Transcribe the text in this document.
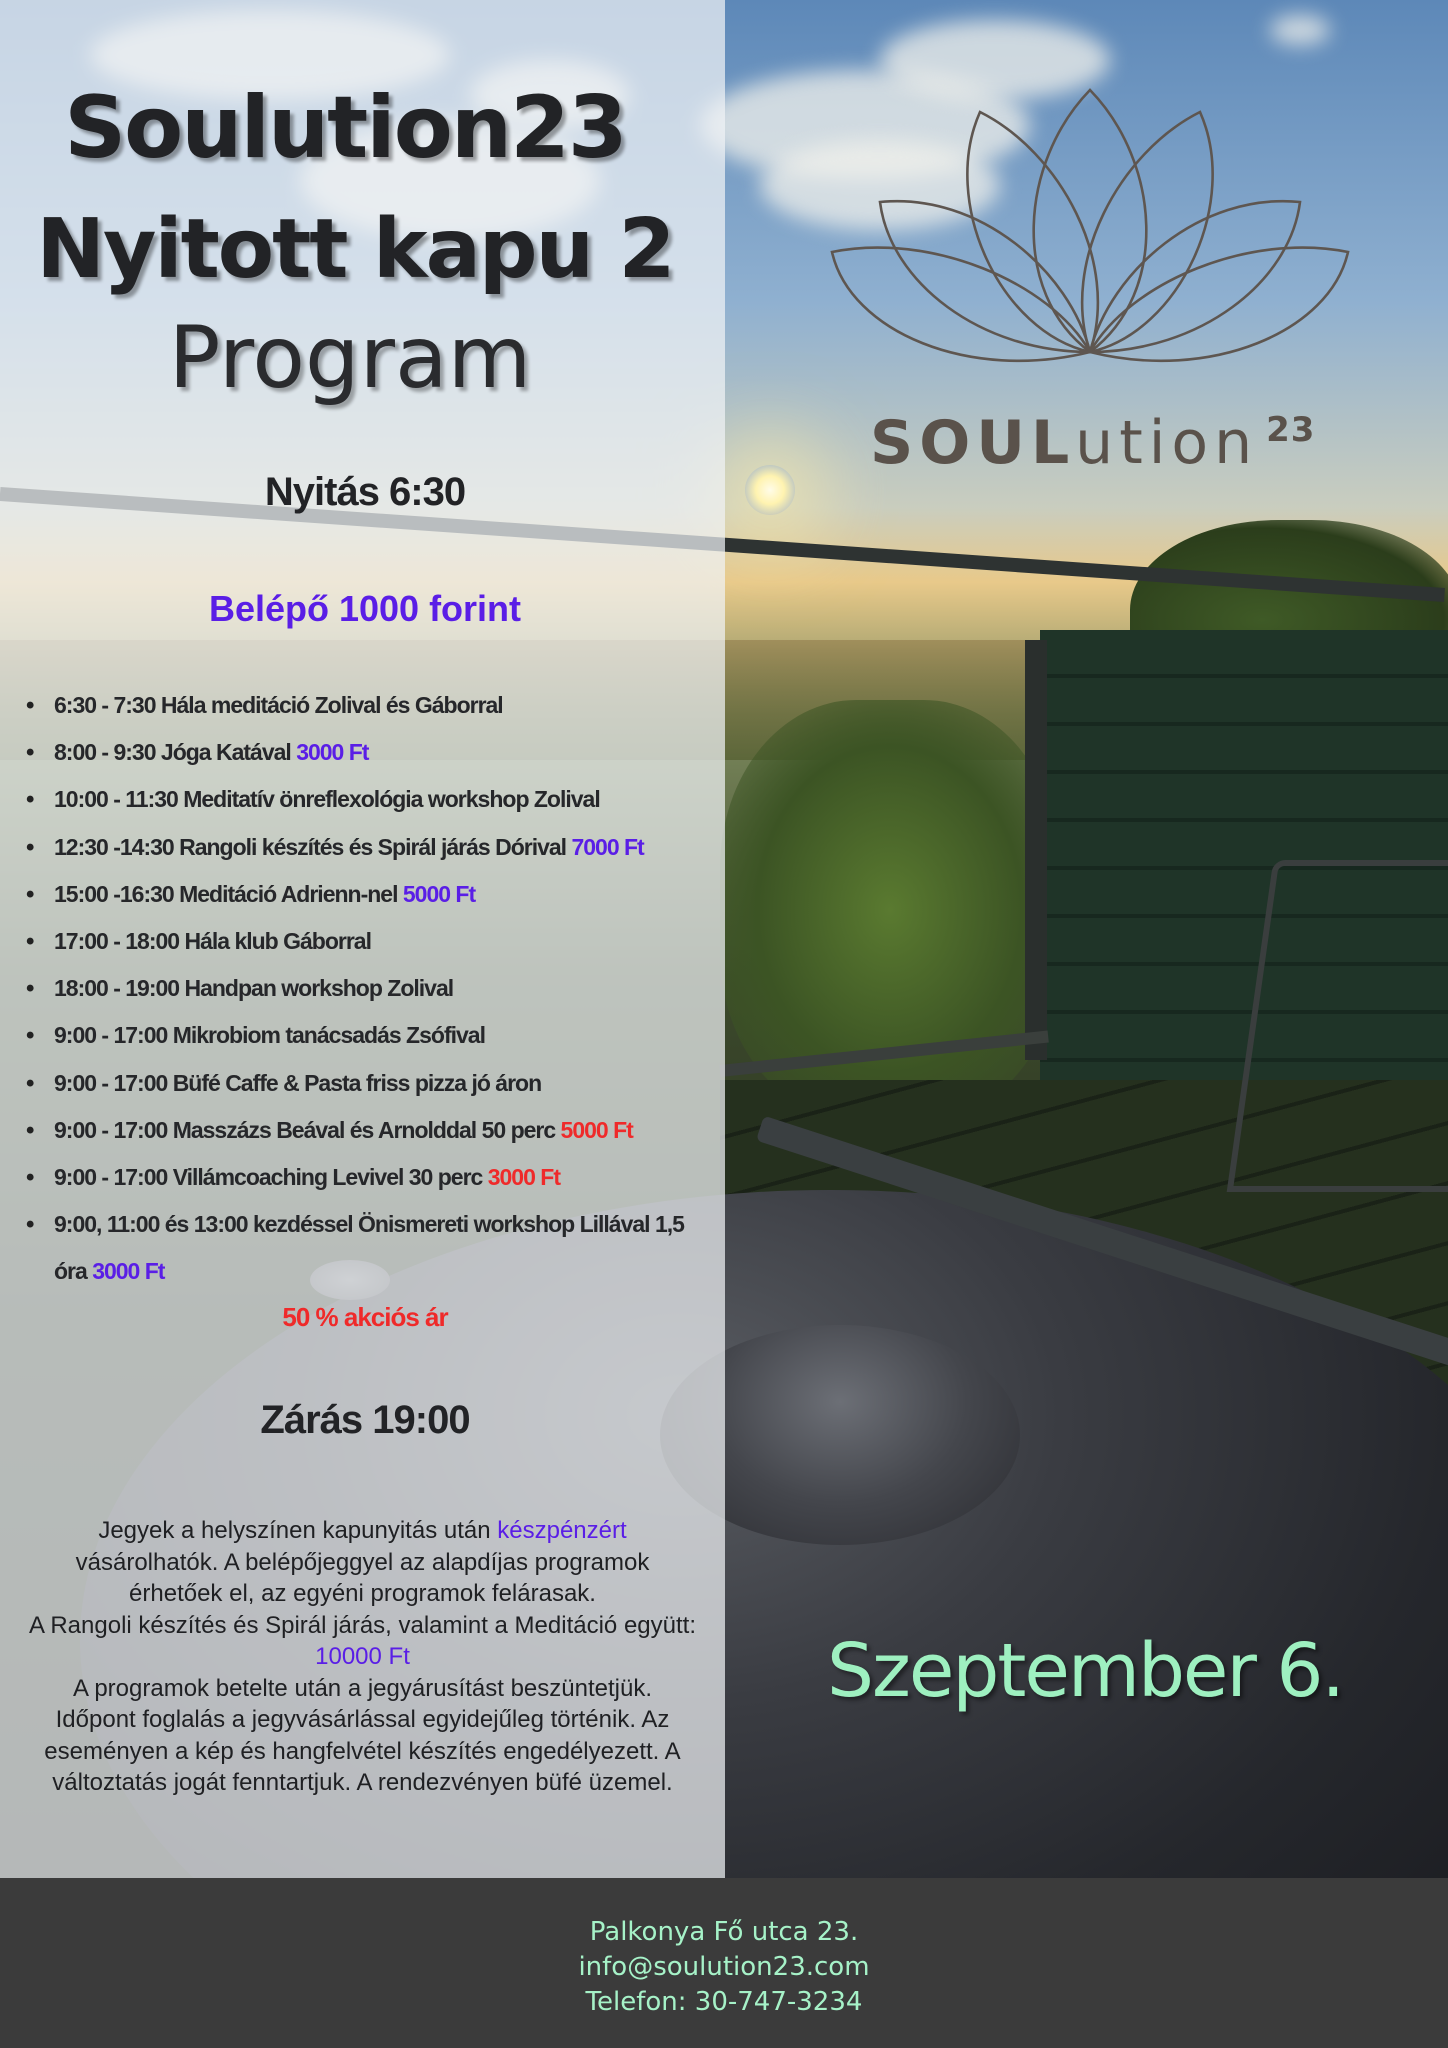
Soulution23
Nyitott kapu 2
Program
Nyitás 6:30
Belépő 1000 forint
• 6:30 - 7:30 Hála meditáció Zolival és Gáborral
• 8:00 - 9:30 Jóga Katával 3000 Ft
• 10:00 - 11:30 Meditatív önreflexológia workshop Zolival
• 12:30 -14:30 Rangoli készítés és Spirál járás Dórival 7000 Ft
• 15:00 -16:30 Meditáció Adrienn-nel 5000 Ft
• 17:00 - 18:00 Hála klub Gáborral
• 18:00 - 19:00 Handpan workshop Zolival
• 9:00 - 17:00 Mikrobiom tanácsadás Zsófival
• 9:00 - 17:00 Büfé Caffe & Pasta friss pizza jó áron
• 9:00 - 17:00 Masszázs Beával és Arnolddal 50 perc 5000 Ft
• 9:00 - 17:00 Villámcoaching Levivel 30 perc 3000 Ft
• 9:00, 11:00 és 13:00 kezdéssel Önismereti workshop Lillával 1,5 óra 3000 Ft
50 % akciós ár
Zárás 19:00

Jegyek a helyszínen kapunyitás után készpénzért

vásárolhatók. A belépőjeggyel az alapdíjas programok

érhetőek el, az egyéni programok felárasak.

A Rangoli készítés és Spirál járás, valamint a Meditáció együtt:

10000 Ft

A programok betelte után a jegyárusítást beszüntetjük.

Időpont foglalás a jegyvásárlással egyidejűleg történik. Az

eseményen a kép és hangfelvétel készítés engedélyezett. A

változtatás jogát fenntartjuk. A rendezvényen büfé üzemel.

SOULution $^{23}$
Szeptember 6.
Palkonya Fő utca 23.
info@soulution23.com
Telefon: 30-747-3234
